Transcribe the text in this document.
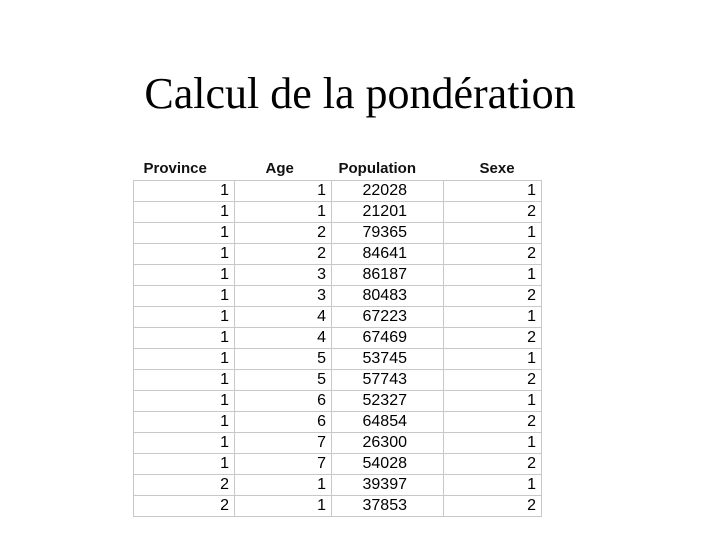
Calcul de la pondération
Province	Age	Population	Sexe
1	1	22028	1
1	1	21201	2
1	2	79365	1
1	2	84641	2
1	3	86187	1
1	3	80483	2
1	4	67223	1
1	4	67469	2
1	5	53745	1
1	5	57743	2
1	6	52327	1
1	6	64854	2
1	7	26300	1
1	7	54028	2
2	1	39397	1
2	1	37853	2
